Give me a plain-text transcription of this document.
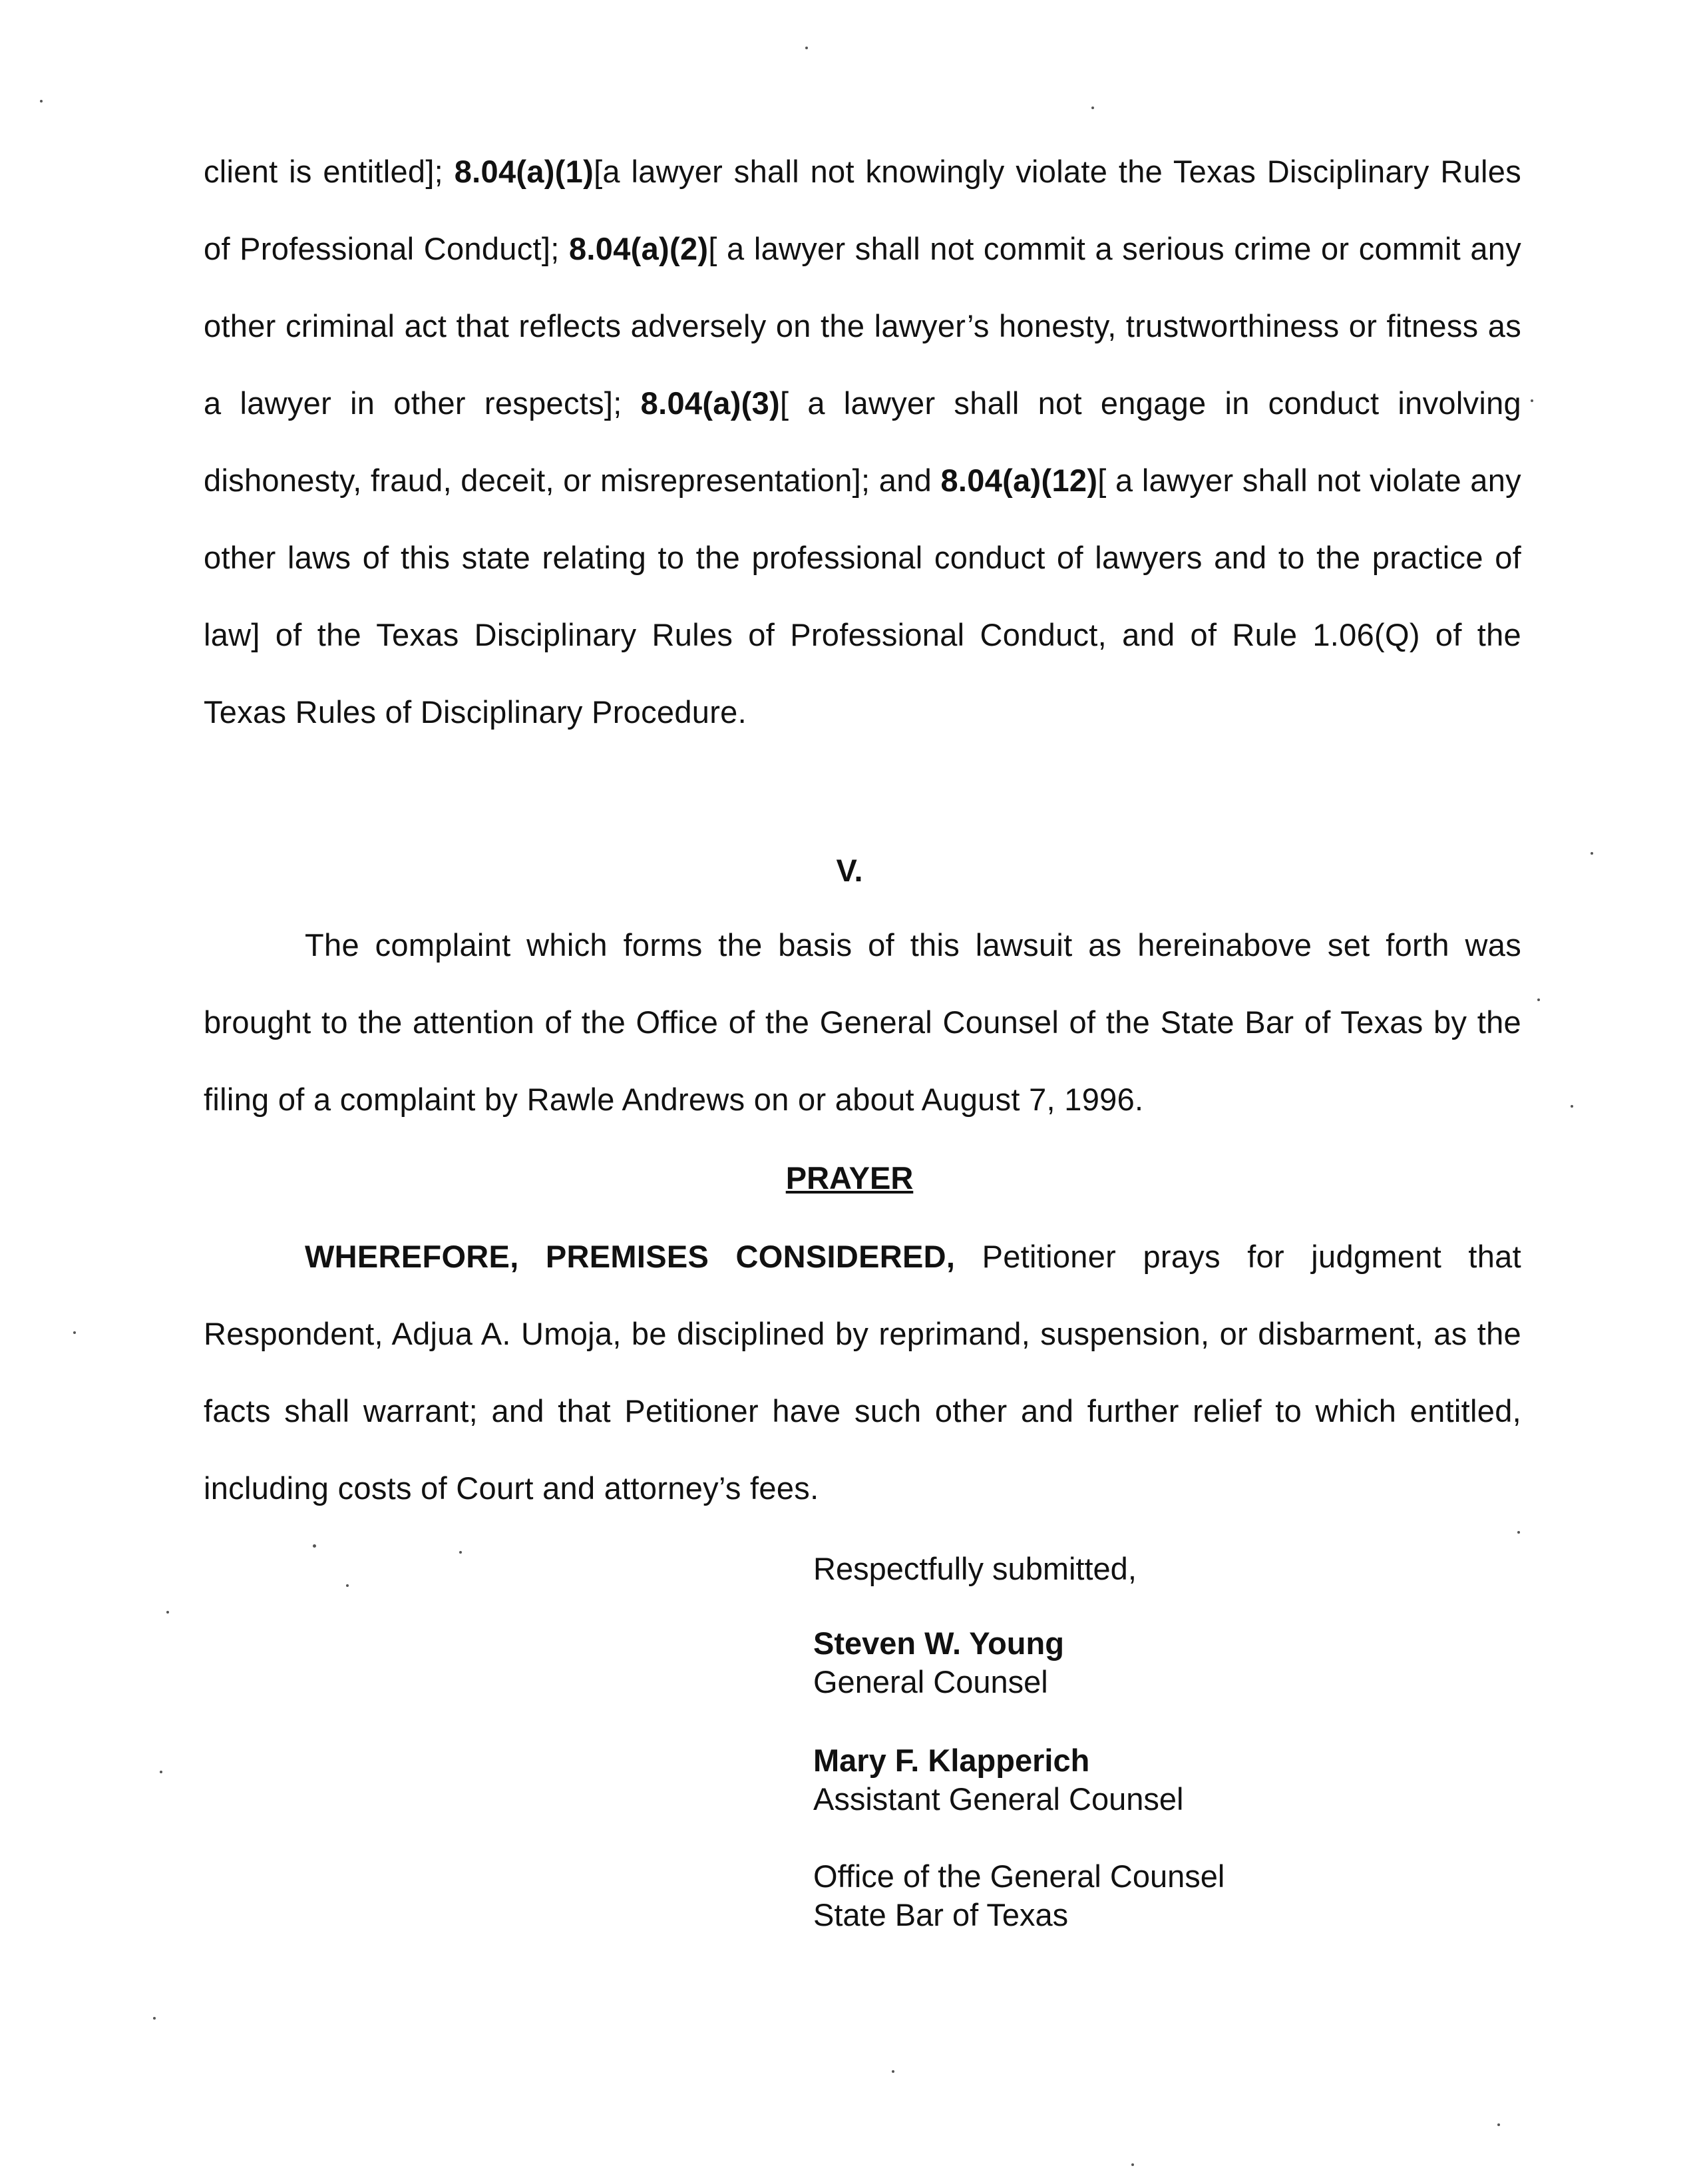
client is entitled]; 8.04(a)(1)[a lawyer shall not knowingly violate the Texas Disciplinary Rules of Professional Conduct]; 8.04(a)(2)[ a lawyer shall not commit a serious crime or commit any other criminal act that reflects adversely on the lawyer’s honesty, trustworthiness or fitness as a lawyer in other respects]; 8.04(a)(3)[ a lawyer shall not engage in conduct involving dishonesty, fraud, deceit, or misrepresentation]; and 8.04(a)(12)[ a lawyer shall not violate any other laws of this state relating to the professional conduct of lawyers and to the practice of law] of the Texas Disciplinary Rules of Professional Conduct, and of Rule 1.06(Q) of the Texas Rules of Disciplinary Procedure.
V.
The complaint which forms the basis of this lawsuit as hereinabove set forth was brought to the attention of the Office of the General Counsel of the State Bar of Texas by the filing of a complaint by Rawle Andrews on or about August 7, 1996.
PRAYER
WHEREFORE, PREMISES CONSIDERED, Petitioner prays for judgment that Respondent, Adjua A. Umoja, be disciplined by reprimand, suspension, or disbarment, as the facts shall warrant; and that Petitioner have such other and further relief to which entitled, including costs of Court and attorney’s fees.
Respectfully submitted,
Steven W. Young
General Counsel
Mary F. Klapperich
Assistant General Counsel
Office of the General Counsel
State Bar of Texas
